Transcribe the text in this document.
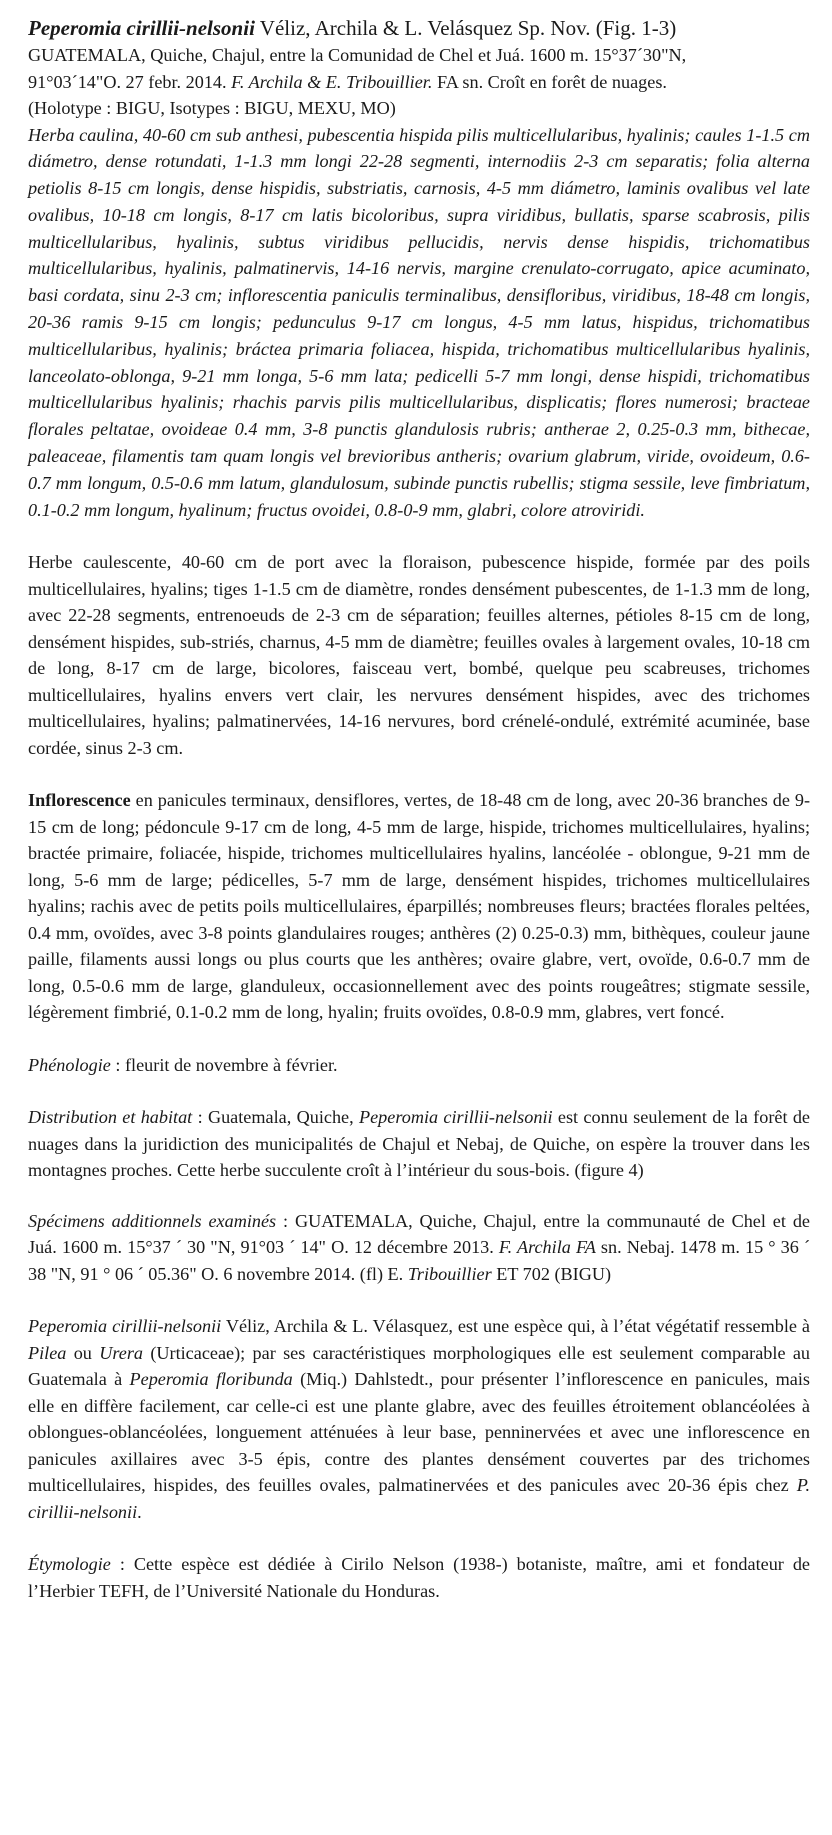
Peperomia cirillii-nelsonii Véliz, Archila & L. Velásquez Sp. Nov. (Fig. 1-3)

GUATEMALA, Quiche, Chajul, entre la Comunidad de Chel et Juá. 1600 m. 15°37´30"N,

91°03´14"O. 27 febr. 2014. F. Archila & E. Tribouillier. FA sn. Croît en forêt de nuages.

(Holotype : BIGU, Isotypes : BIGU, MEXU, MO)

Herba caulina, 40-60 cm sub anthesi, pubescentia hispida pilis multicellularibus, hyalinis; caules 1-1.5 cm diámetro, dense rotundati, 1-1.3 mm longi 22-28 segmenti, internodiis 2-3 cm separatis; folia alterna petiolis 8-15 cm longis, dense hispidis, substriatis, carnosis, 4-5 mm diámetro, laminis ovalibus vel late ovalibus, 10-18 cm longis, 8-17 cm latis bicoloribus, supra viridibus, bullatis, sparse scabrosis, pilis multicellularibus, hyalinis, subtus viridibus pellucidis, nervis dense hispidis, trichomatibus multicellularibus, hyalinis, palmatinervis, 14-16 nervis, margine crenulato-corrugato, apice acuminato, basi cordata, sinu 2-3 cm; inflorescentia paniculis terminalibus, densifloribus, viridibus, 18-48 cm longis, 20-36 ramis 9-15 cm longis; pedunculus 9-17 cm longus, 4-5 mm latus, hispidus, trichomatibus multicellularibus, hyalinis; bráctea primaria foliacea, hispida, trichomatibus multicellularibus hyalinis, lanceolato-oblonga, 9-21 mm longa, 5-6 mm lata; pedicelli 5-7 mm longi, dense hispidi, trichomatibus multicellularibus hyalinis; rhachis parvis pilis multicellularibus, displicatis; flores numerosi; bracteae florales peltatae, ovoideae 0.4 mm, 3-8 punctis glandulosis rubris; antherae 2, 0.25-0.3 mm, bithecae, paleaceae, filamentis tam quam longis vel brevioribus antheris; ovarium glabrum, viride, ovoideum, 0.6-0.7 mm longum, 0.5-0.6 mm latum, glandulosum, subinde punctis rubellis; stigma sessile, leve fimbriatum, 0.1-0.2 mm longum, hyalinum; fructus ovoidei, 0.8-0-9 mm, glabri, colore atroviridi.

Herbe caulescente, 40-60 cm de port avec la floraison, pubescence hispide, formée par des poils multicellulaires, hyalins; tiges 1-1.5 cm de diamètre, rondes densément pubescentes, de 1-1.3 mm de long, avec 22-28 segments, entrenoeuds de 2-3 cm de séparation; feuilles alternes, pétioles 8-15 cm de long, densément hispides, sub-striés, charnus, 4-5 mm de diamètre; feuilles ovales à largement ovales, 10-18 cm de long, 8-17 cm de large, bicolores, faisceau vert, bombé, quelque peu scabreuses, trichomes multicellulaires, hyalins envers vert clair, les nervures densément hispides, avec des trichomes multicellulaires, hyalins; palmatinervées, 14-16 nervures, bord crénelé-ondulé, extrémité acuminée, base cordée, sinus 2-3 cm.

Inflorescence en panicules terminaux, densiflores, vertes, de 18-48 cm de long, avec 20-36 branches de 9-15 cm de long; pédoncule 9-17 cm de long, 4-5 mm de large, hispide, trichomes multicellulaires, hyalins; bractée primaire, foliacée, hispide, trichomes multicellulaires hyalins, lancéolée - oblongue, 9-21 mm de long, 5-6 mm de large; pédicelles, 5-7 mm de large, densément hispides, trichomes multicellulaires hyalins; rachis avec de petits poils multicellulaires, éparpillés; nombreuses fleurs; bractées florales peltées, 0.4 mm, ovoïdes, avec 3-8 points glandulaires rouges; anthères (2) 0.25-0.3) mm, bithèques, couleur jaune paille, filaments aussi longs ou plus courts que les anthères; ovaire glabre, vert, ovoïde, 0.6-0.7 mm de long, 0.5-0.6 mm de large, glanduleux, occasionnellement avec des points rougeâtres; stigmate sessile, légèrement fimbrié, 0.1-0.2 mm de long, hyalin; fruits ovoïdes, 0.8-0.9 mm, glabres, vert foncé.

Phénologie : fleurit de novembre à février.

Distribution et habitat : Guatemala, Quiche, Peperomia cirillii-nelsonii est connu seulement de la forêt de nuages dans la juridiction des municipalités de Chajul et Nebaj, de Quiche, on espère la trouver dans les montagnes proches. Cette herbe succulente croît à l’intérieur du sous-bois. (figure 4)

Spécimens additionnels examinés : GUATEMALA, Quiche, Chajul, entre la communauté de Chel et de Juá. 1600 m. 15°37 ´ 30 "N, 91°03 ´ 14" O. 12 décembre 2013. F. Archila FA sn. Nebaj. 1478 m. 15 ° 36 ´ 38 "N, 91 ° 06 ´ 05.36" O. 6 novembre 2014. (fl) E. Tribouillier ET 702 (BIGU)

Peperomia cirillii-nelsonii Véliz, Archila & L. Vélasquez, est une espèce qui, à l’état végétatif ressemble à Pilea ou Urera (Urticaceae); par ses caractéristiques morphologiques elle est seulement comparable au Guatemala à Peperomia floribunda (Miq.) Dahlstedt., pour présenter l’inflorescence en panicules, mais elle en diffère facilement, car celle-ci est une plante glabre, avec des feuilles étroitement oblancéolées à oblongues-oblancéolées, longuement atténuées à leur base, penninervées et avec une inflorescence en panicules axillaires avec 3-5 épis, contre des plantes densément couvertes par des trichomes multicellulaires, hispides, des feuilles ovales, palmatinervées et des panicules avec 20-36 épis chez P. cirillii-nelsonii.

Étymologie : Cette espèce est dédiée à Cirilo Nelson (1938-) botaniste, maître, ami et fondateur de l’Herbier TEFH, de l’Université Nationale du Honduras.
